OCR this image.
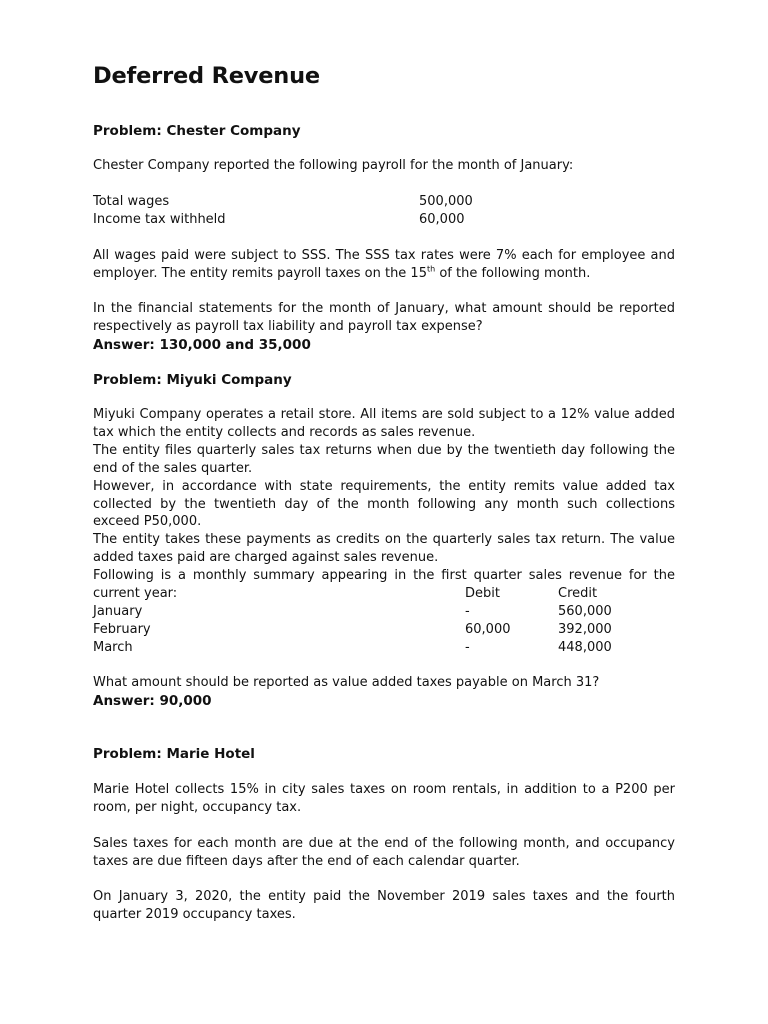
Deferred Revenue
Problem: Chester Company

Chester Company reported the following payroll for the month of January:

Total wages	500,000
Income tax withheld	60,000

All wages paid were subject to SSS. The SSS tax rates were 7% each for employee and employer. The entity remits payroll taxes on the 15th of the following month.

In the financial statements for the month of January, what amount should be reported respectively as payroll tax liability and payroll tax expense?

Answer: 130,000 and 35,000
Problem: Miyuki Company
Miyuki Company operates a retail store. All items are sold subject to a 12% value added tax which the entity collects and records as sales revenue.
The entity files quarterly sales tax returns when due by the twentieth day following the end of the sales quarter.
However, in accordance with state requirements, the entity remits value added tax collected by the twentieth day of the month following any month such collections exceed P50,000.
The entity takes these payments as credits on the quarterly sales tax return. The value added taxes paid are charged against sales revenue.
Following is a monthly summary appearing in the first quarter sales revenue for the current year:	Debit	Credit
January	-	560,000
February	60,000	392,000
March	-	448,000

What amount should be reported as value added taxes payable on March 31?

Answer: 90,000
Problem: Marie Hotel

Marie Hotel collects 15% in city sales taxes on room rentals, in addition to a P200 per room, per night, occupancy tax.

Sales taxes for each month are due at the end of the following month, and occupancy taxes are due fifteen days after the end of each calendar quarter.

On January 3, 2020, the entity paid the November 2019 sales taxes and the fourth quarter 2019 occupancy taxes.
